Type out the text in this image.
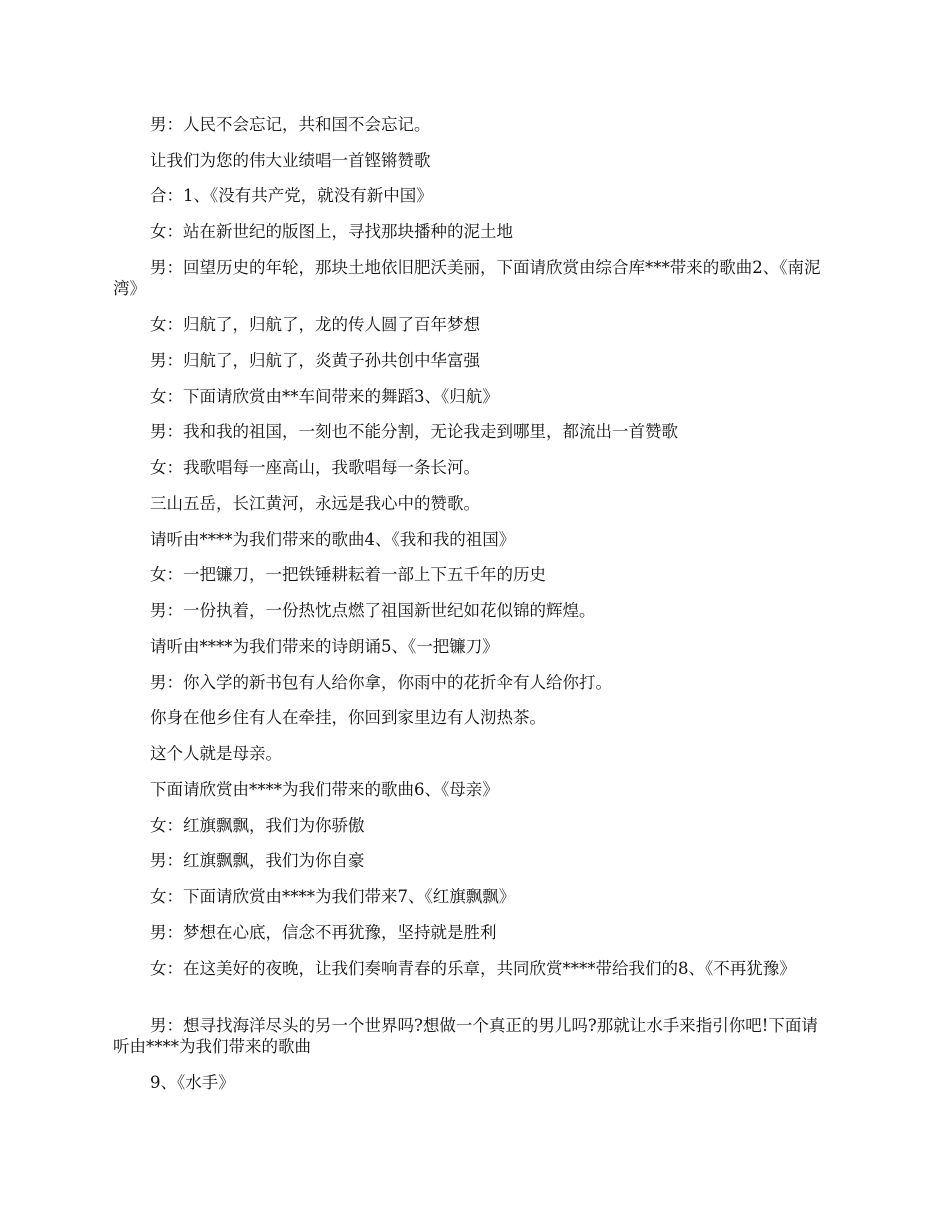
男：人民不会忘记，共和国不会忘记。

让我们为您的伟大业绩唱一首铿锵赞歌

合：1、《没有共产党，就没有新中国》

女：站在新世纪的版图上，寻找那块播种的泥土地

男：回望历史的年轮，那块土地依旧肥沃美丽，下面请欣赏由综合库***带来的歌曲2、《南泥湾》

女：归航了，归航了，龙的传人圆了百年梦想

男：归航了，归航了，炎黄子孙共创中华富强

女：下面请欣赏由**车间带来的舞蹈3、《归航》

男：我和我的祖国，一刻也不能分割，无论我走到哪里，都流出一首赞歌

女：我歌唱每一座高山，我歌唱每一条长河。

三山五岳，长江黄河，永远是我心中的赞歌。

请听由****为我们带来的歌曲4、《我和我的祖国》

女：一把镰刀，一把铁锤耕耘着一部上下五千年的历史

男：一份执着，一份热忱点燃了祖国新世纪如花似锦的辉煌。

请听由****为我们带来的诗朗诵5、《一把镰刀》

男：你入学的新书包有人给你拿，你雨中的花折伞有人给你打。

你身在他乡住有人在牵挂，你回到家里边有人沏热茶。

这个人就是母亲。

下面请欣赏由****为我们带来的歌曲6、《母亲》

女：红旗飘飘，我们为你骄傲

男：红旗飘飘，我们为你自豪

女：下面请欣赏由****为我们带来7、《红旗飘飘》

男：梦想在心底，信念不再犹豫，坚持就是胜利

女：在这美好的夜晚，让我们奏响青春的乐章，共同欣赏****带给我们的8、《不再犹豫》

男：想寻找海洋尽头的另一个世界吗?想做一个真正的男儿吗?那就让水手来指引你吧!下面请听由****为我们带来的歌曲

9、《水手》
